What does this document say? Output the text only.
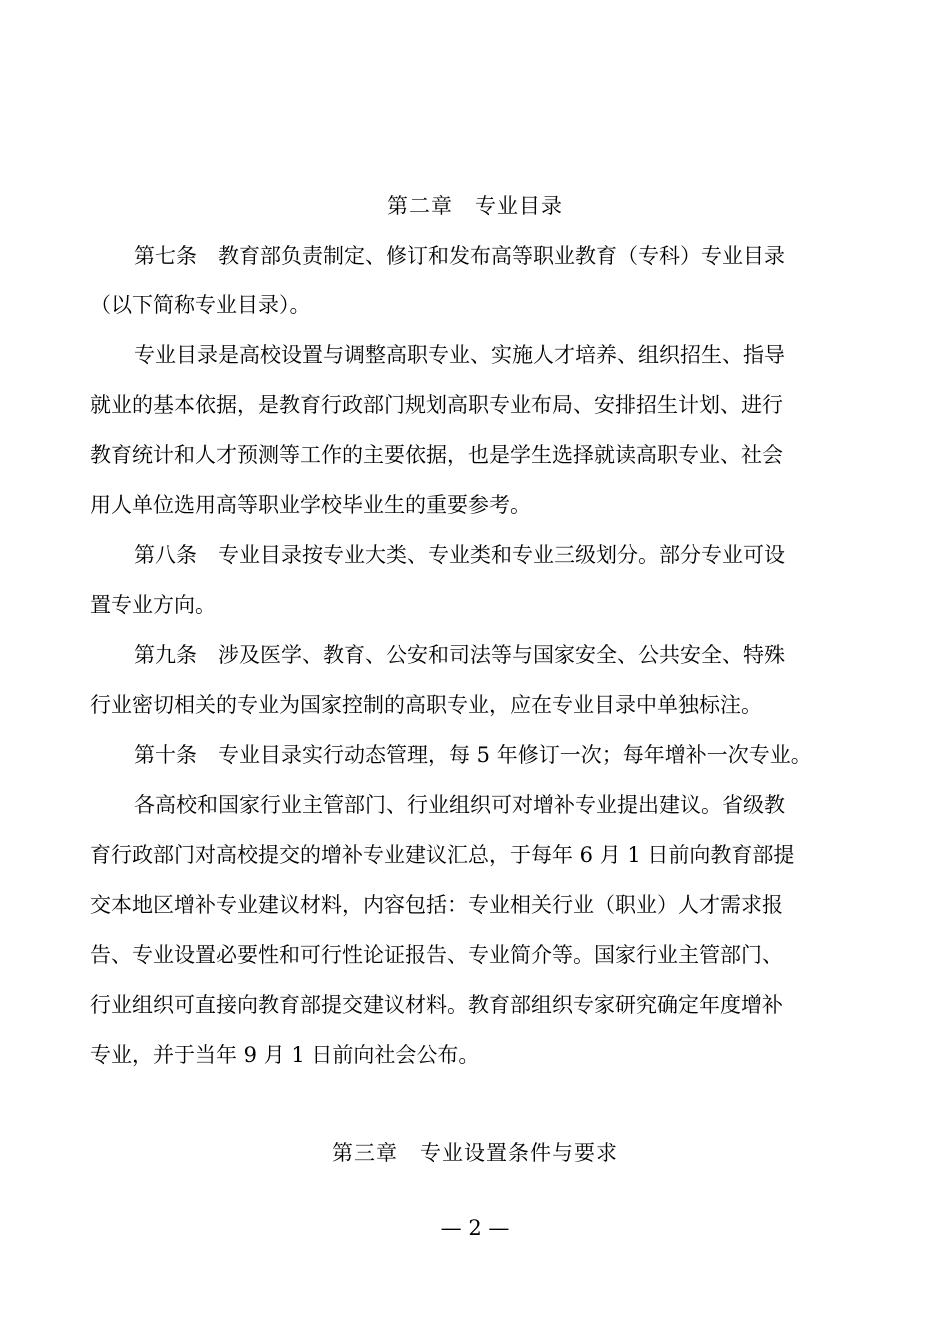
第二章　专业目录
第七条　教育部负责制定、修订和发布高等职业教育（专科）专业目录
（以下简称专业目录）。
专业目录是高校设置与调整高职专业、实施人才培养、组织招生、指导
就业的基本依据，是教育行政部门规划高职专业布局、安排招生计划、进行
教育统计和人才预测等工作的主要依据，也是学生选择就读高职专业、社会
用人单位选用高等职业学校毕业生的重要参考。
第八条　专业目录按专业大类、专业类和专业三级划分。部分专业可设
置专业方向。
第九条　涉及医学、教育、公安和司法等与国家安全、公共安全、特殊
行业密切相关的专业为国家控制的高职专业，应在专业目录中单独标注。
第十条　专业目录实行动态管理，每 5 年修订一次；每年增补一次专业。
各高校和国家行业主管部门、行业组织可对增补专业提出建议。省级教
育行政部门对高校提交的增补专业建议汇总，于每年 6 月 1 日前向教育部提
交本地区增补专业建议材料，内容包括：专业相关行业（职业）人才需求报
告、专业设置必要性和可行性论证报告、专业简介等。国家行业主管部门、
行业组织可直接向教育部提交建议材料。教育部组织专家研究确定年度增补
专业，并于当年 9 月 1 日前向社会公布。
第三章　专业设置条件与要求
— 2 —
